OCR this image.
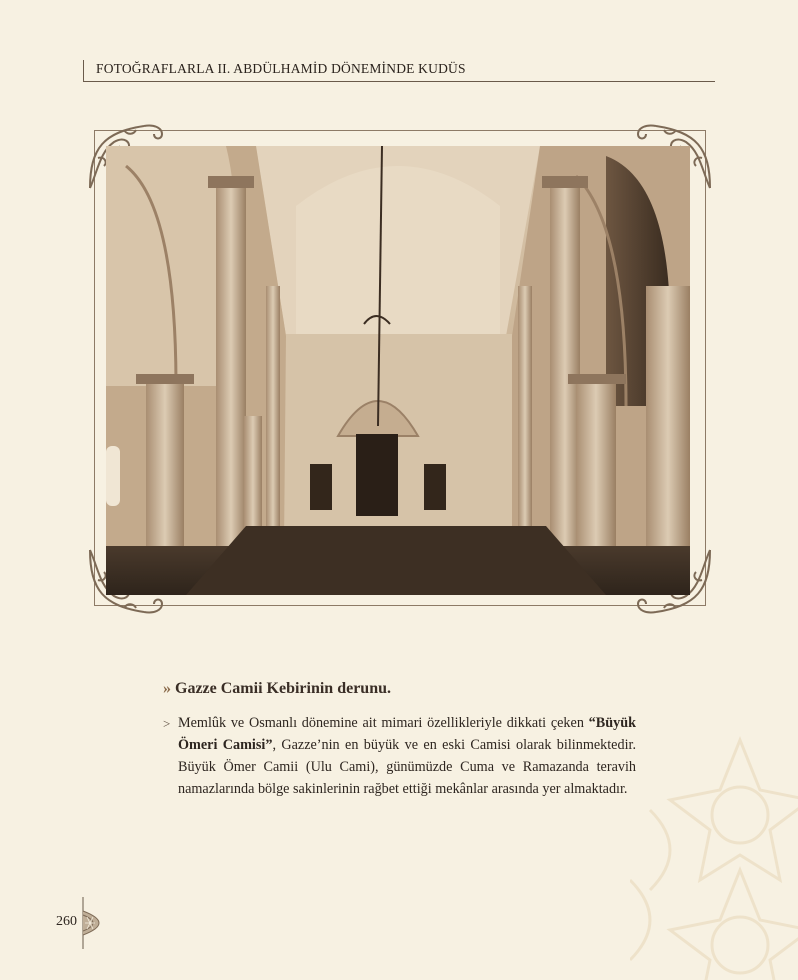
FOTOĞRAFLARLA II. ABDÜLHAMİD DÖNEMİNDE KUDÜS
» Gazze Camii Kebirinin derunu.
> Memlûk ve Osmanlı dönemine ait mimari özellikleriyle dikkati çeken “Büyük
Ömeri Camisi”, Gazze’nin en büyük ve en eski Camisi olarak bilinmektedir.
Büyük Ömer Camii (Ulu Cami), günümüzde Cuma ve Ramazanda teravih
namazlarında bölge sakinlerinin rağbet ettiği mekânlar arasında yer almaktadır.
260
